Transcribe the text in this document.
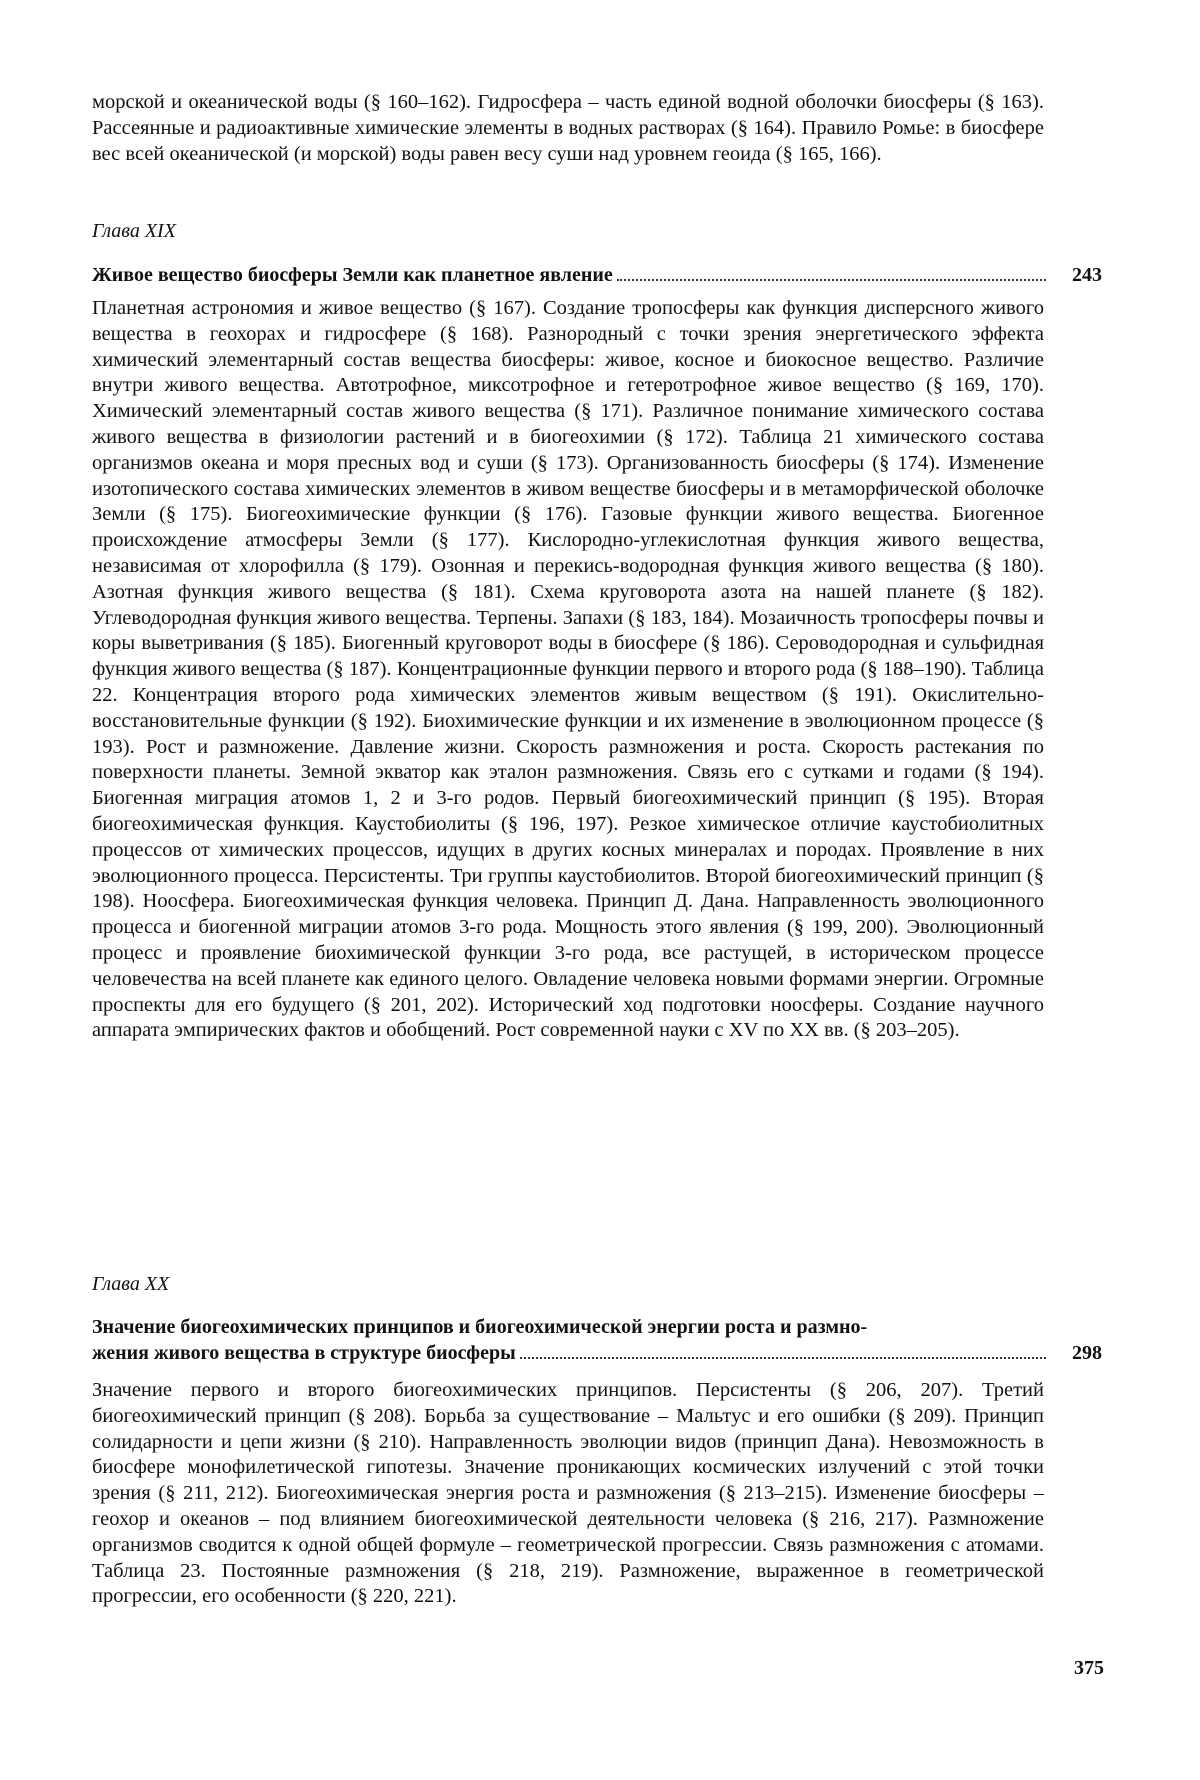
морской и океанической воды (§ 160–162). Гидросфера – часть единой водной оболочки биосферы (§ 163). Рассеянные и радиоактивные химические элементы в водных растворах (§ 164). Правило Ромье: в биосфере вес всей океанической (и морской) воды равен весу суши над уровнем геоида (§ 165, 166).

Глава XIX

Живое вещество биосферы Земли как планетное явление	243

Планетная астрономия и живое вещество (§ 167). Создание тропосферы как функция дисперсного живого вещества в геохорах и гидросфере (§ 168). Разнородный с точки зрения энергетического эффекта химический элементарный состав вещества биосферы: живое, косное и биокосное вещество. Различие внутри живого вещества. Автотрофное, миксотрофное и гетеротрофное живое вещество (§ 169, 170). Химический элементарный состав живого вещества (§ 171). Различное понимание химического состава живого вещества в физиологии растений и в биогеохимии (§ 172). Таблица 21 химического состава организмов океана и моря пресных вод и суши (§ 173). Организованность биосферы (§ 174). Изменение изотопического состава химических элементов в живом веществе биосферы и в метаморфической оболочке Земли (§ 175). Биогеохимические функции (§ 176). Газовые функции живого вещества. Биогенное происхождение атмосферы Земли (§ 177). Кислородно-углекислотная функция живого вещества, независимая от хлорофилла (§ 179). Озонная и перекись-водородная функция живого вещества (§ 180). Азотная функция живого вещества (§ 181). Схема круговорота азота на нашей планете (§ 182). Углеводородная функция живого вещества. Терпены. Запахи (§ 183, 184). Мозаичность тропосферы почвы и коры выветривания (§ 185). Биогенный круговорот воды в биосфере (§ 186). Сероводородная и сульфидная функция живого вещества (§ 187). Концентрационные функции первого и второго рода (§ 188–190). Таблица 22. Концентрация второго рода химических элементов живым веществом (§ 191). Окислительно-восстановительные функции (§ 192). Биохимические функции и их изменение в эволюционном процессе (§ 193). Рост и размножение. Давление жизни. Скорость размножения и роста. Скорость растекания по поверхности планеты. Земной экватор как эталон размножения. Связь его с сутками и годами (§ 194). Биогенная миграция атомов 1, 2 и 3-го родов. Первый биогеохимический принцип (§ 195). Вторая биогеохимическая функция. Каустобиолиты (§ 196, 197). Резкое химическое отличие каустобиолитных процессов от химических процессов, идущих в других косных минералах и породах. Проявление в них эволюционного процесса. Персистенты. Три группы каустобиолитов. Второй биогеохимический принцип (§ 198). Ноосфера. Биогеохимическая функция человека. Принцип Д. Дана. Направленность эволюционного процесса и биогенной миграции атомов 3-го рода. Мощность этого явления (§ 199, 200). Эволюционный процесс и проявление биохимической функции 3-го рода, все растущей, в историческом процессе человечества на всей планете как единого целого. Овладение человека новыми формами энергии. Огромные проспекты для его будущего (§ 201, 202). Исторический ход подготовки ноосферы. Создание научного аппарата эмпирических фактов и обобщений. Рост современной науки с XV по XX вв. (§ 203–205).

Глава XX

Значение биогеохимических принципов и биогеохимической энергии роста и размно-
жения живого вещества в структуре биосферы	298

Значение первого и второго биогеохимических принципов. Персистенты (§ 206, 207). Третий биогеохимический принцип (§ 208). Борьба за существование – Мальтус и его ошибки (§ 209). Принцип солидарности и цепи жизни (§ 210). Направленность эволюции видов (принцип Дана). Невозможность в биосфере монофилетической гипотезы. Значение проникающих космических излучений с этой точки зрения (§ 211, 212). Биогеохимическая энергия роста и размножения (§ 213–215). Изменение биосферы – геохор и океанов – под влиянием биогеохимической деятельности человека (§ 216, 217). Размножение организмов сводится к одной общей формуле – геометрической прогрессии. Связь размножения с атомами. Таблица 23. Постоянные размножения (§ 218, 219). Размножение, выраженное в геометрической прогрессии, его особенности (§ 220, 221).

375
